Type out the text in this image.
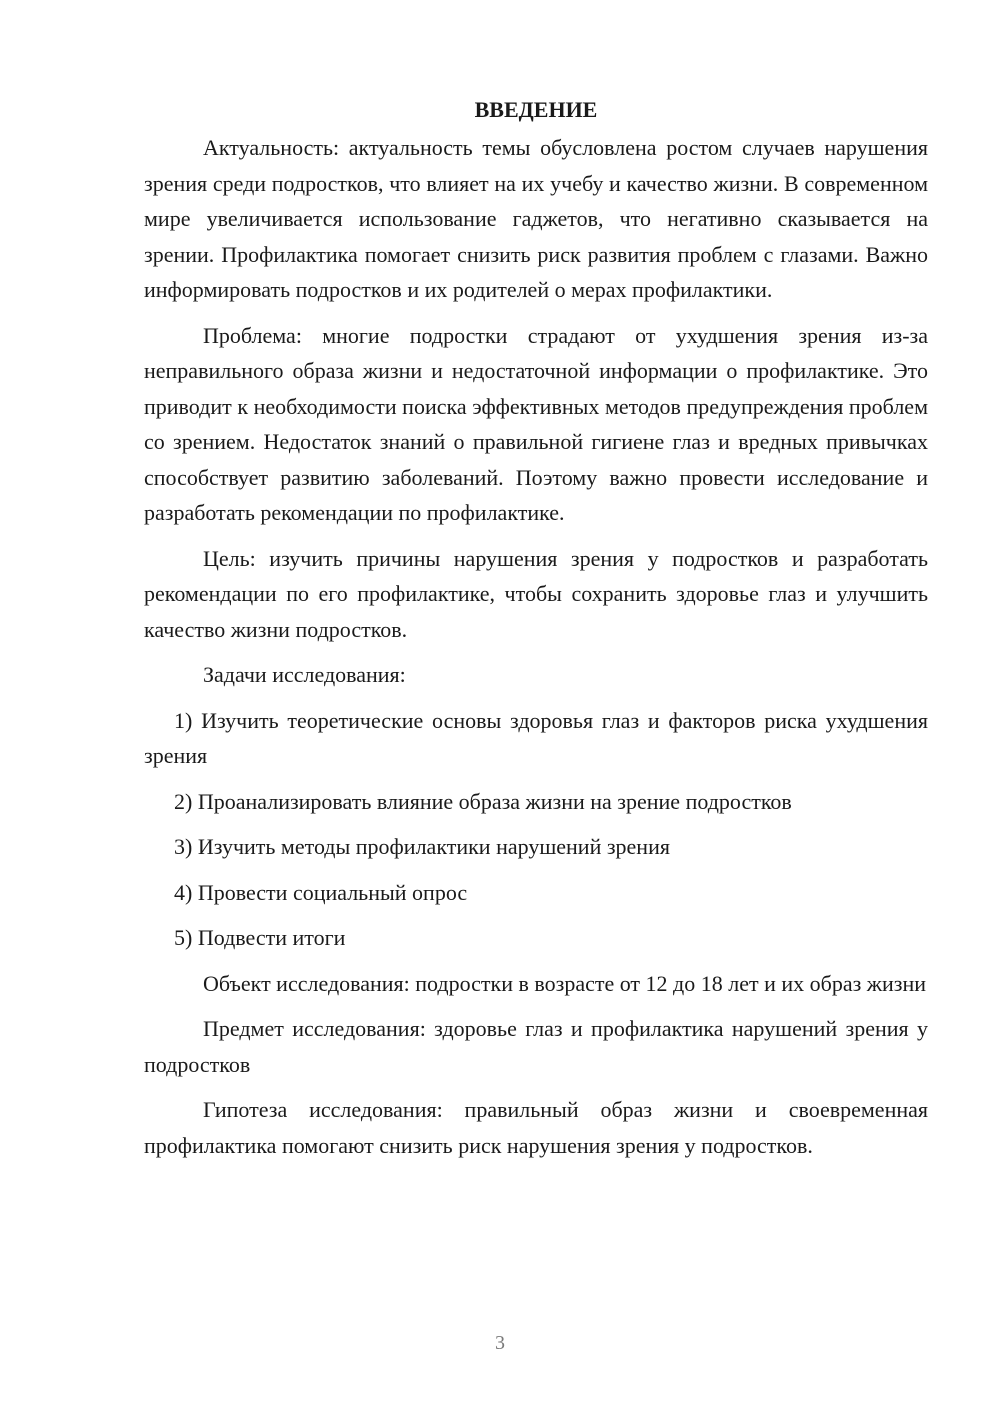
ВВЕДЕНИЕ

Актуальность: актуальность темы обусловлена ростом случаев нарушения зрения среди подростков, что влияет на их учебу и качество жизни. В современном мире увеличивается использование гаджетов, что негативно сказывается на зрении. Профилактика помогает снизить риск развития проблем с глазами. Важно информировать подростков и их родителей о мерах профилактики.

Проблема: многие подростки страдают от ухудшения зрения из-за неправильного образа жизни и недостаточной информации о профилактике. Это приводит к необходимости поиска эффективных методов предупреждения проблем со зрением. Недостаток знаний о правильной гигиене глаз и вредных привычках способствует развитию заболеваний. Поэтому важно провести исследование и разработать рекомендации по профилактике.

Цель: изучить причины нарушения зрения у подростков и разработать рекомендации по его профилактике, чтобы сохранить здоровье глаз и улучшить качество жизни подростков.

Задачи исследования:

1) Изучить теоретические основы здоровья глаз и факторов риска ухудшения зрения
2) Проанализировать влияние образа жизни на зрение подростков
3) Изучить методы профилактики нарушений зрения
4) Провести социальный опрос
5) Подвести итоги

Объект исследования: подростки в возрасте от 12 до 18 лет и их образ жизни

Предмет исследования: здоровье глаз и профилактика нарушений зрения у подростков

Гипотеза исследования: правильный образ жизни и своевременная профилактика помогают снизить риск нарушения зрения у подростков.

3
